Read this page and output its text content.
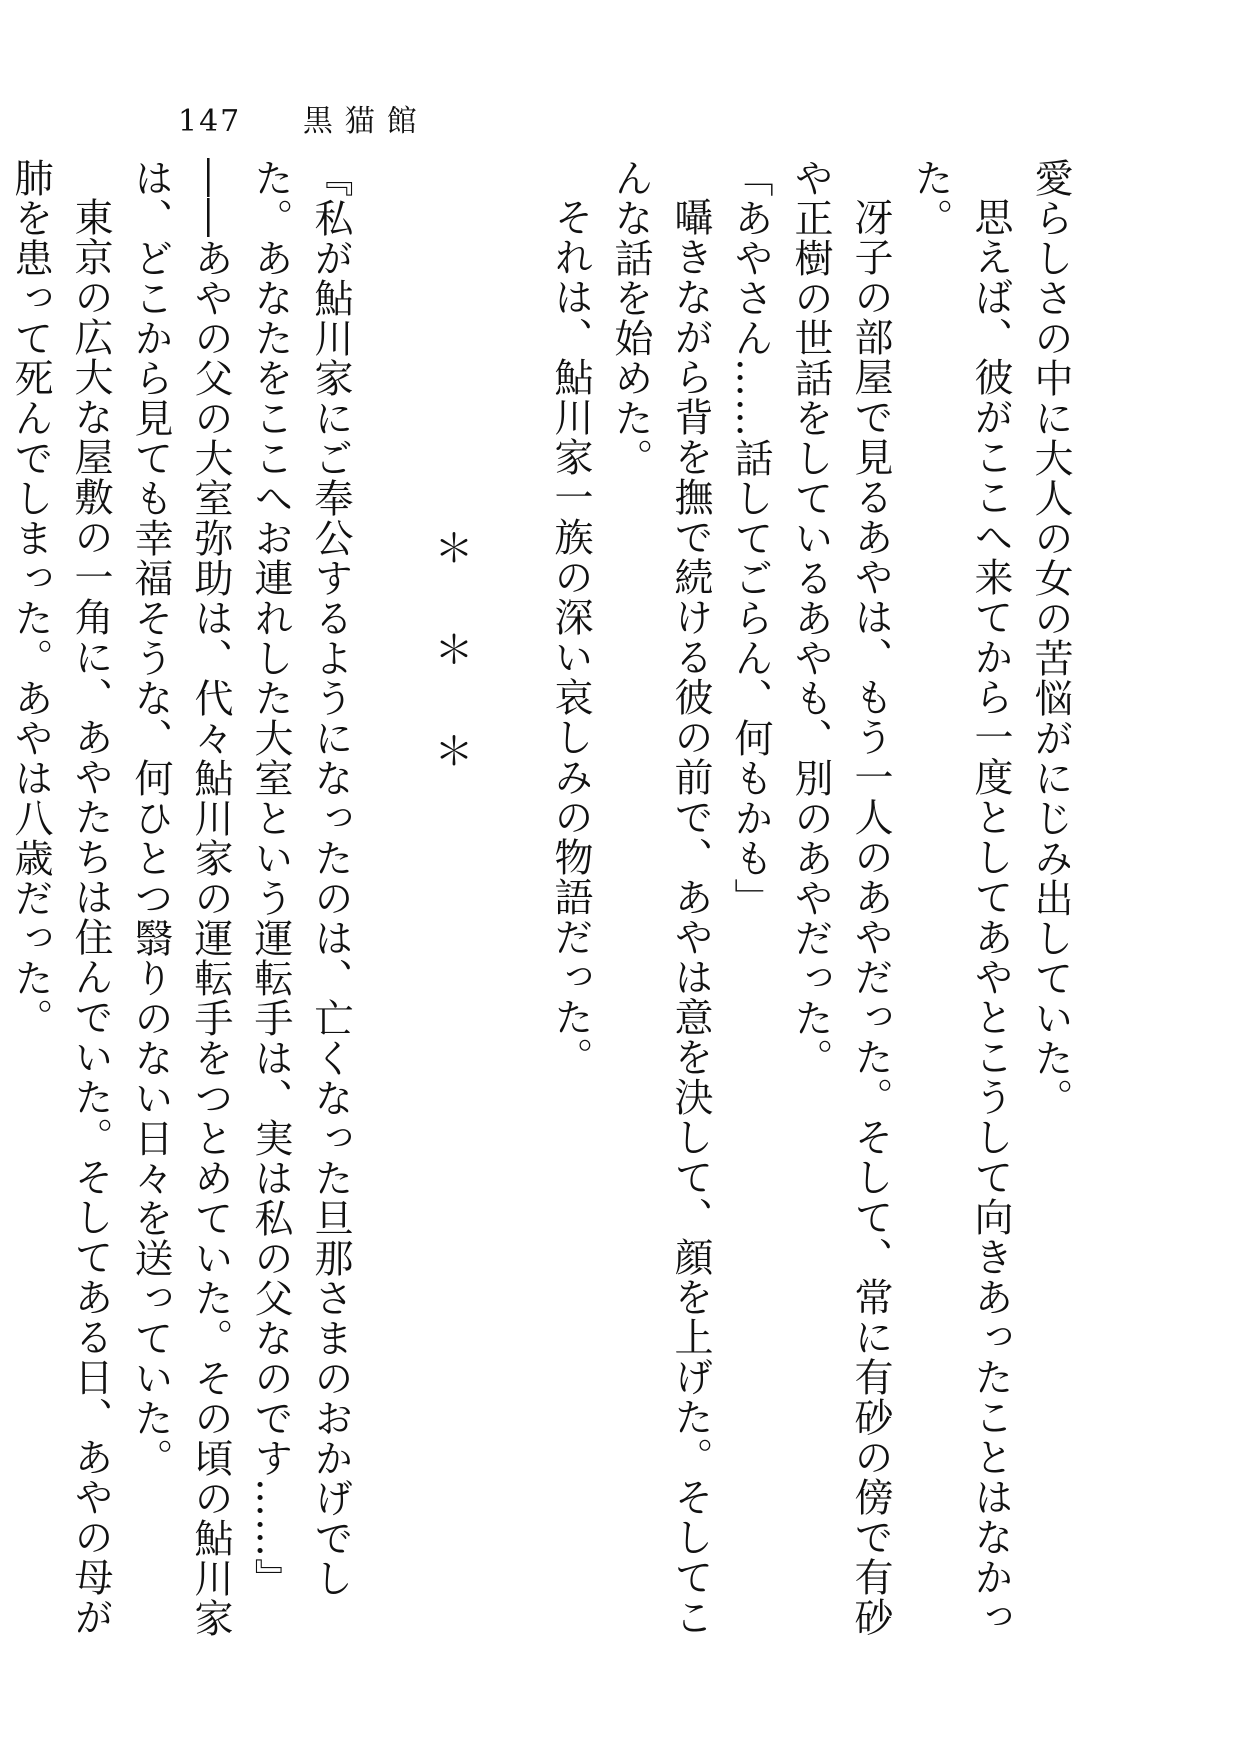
147 黒猫館

愛らしさの中に大人の女の苦悩がにじみ出していた。

思えば、彼がここへ来てから一度としてあやとこうして向きあったことはなかった。

冴子の部屋で見るあやは、もう一人のあやだった。そして、常に有砂の傍で有砂や正樹の世話をしているあやも、別のあやだった。

「あやさん……話してごらん、何もかも」

囁きながら背を撫で続ける彼の前で、あやは意を決して、顔を上げた。そしてこんな話を始めた。

それは、鮎川家一族の深い哀しみの物語だった。

＊＊＊

『私が鮎川家にご奉公するようになったのは、亡くなった旦那さまのおかげでした。あなたをここへお連れした大室という運転手は、実は私の父なのです……』

――あやの父の大室弥助は、代々鮎川家の運転手をつとめていた。その頃の鮎川家は、どこから見ても幸福そうな、何ひとつ翳りのない日々を送っていた。

東京の広大な屋敷の一角に、あやたちは住んでいた。そしてある日、あやの母が肺を患って死んでしまった。あやは八歳だった。
